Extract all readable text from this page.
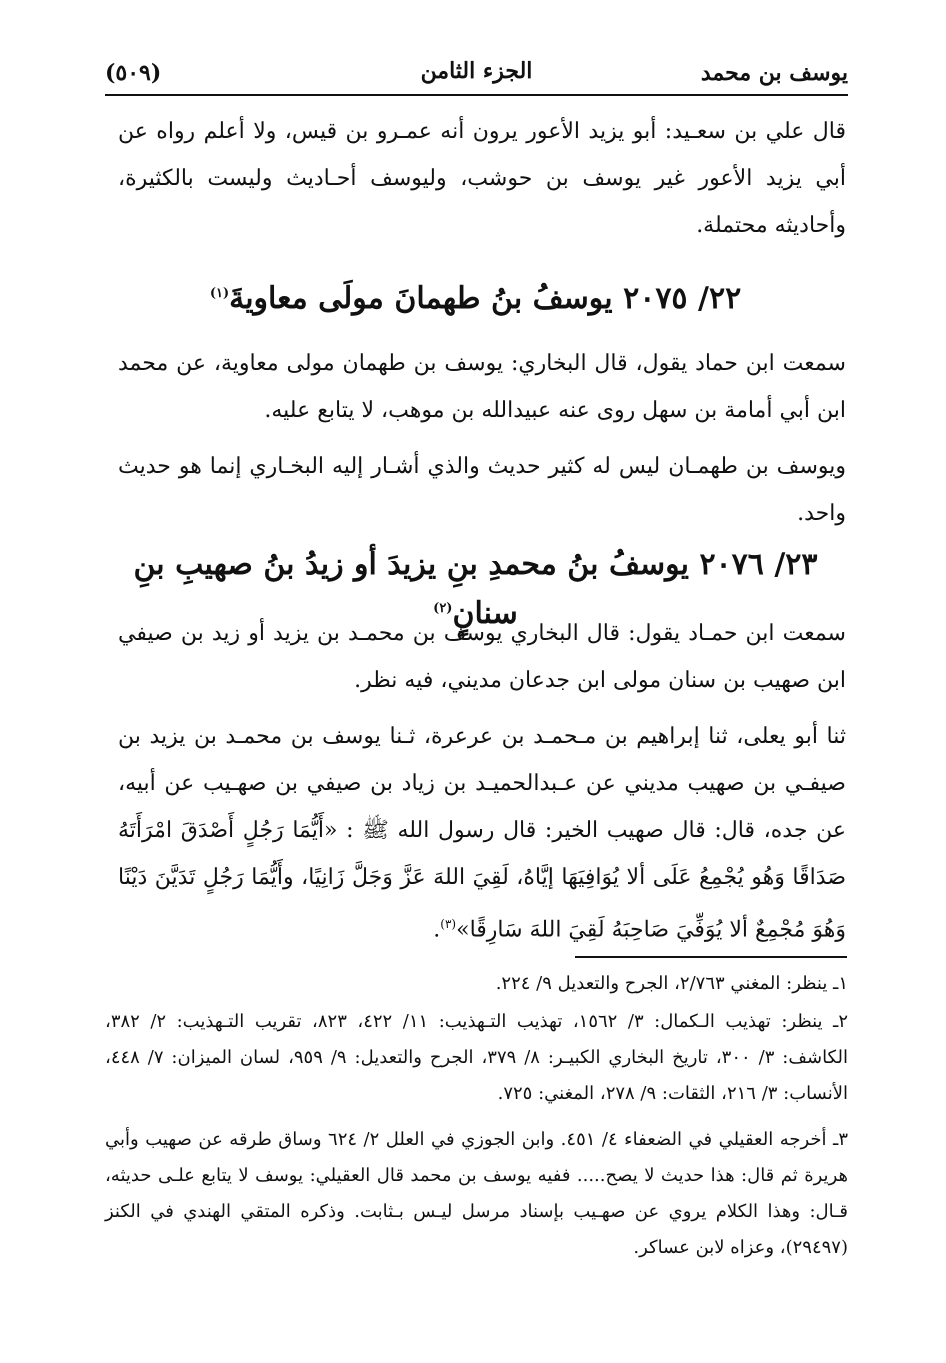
يوسف بن محمد
الجزء الثامن
(٥٠٩)

قال علي بن سعـيد: أبو يزيد الأعور يرون أنه عمـرو بن قيس، ولا أعلم رواه عن أبي يزيد الأعور غير يوسف بن حوشب، وليوسف أحـاديث وليست بالكثيرة، وأحاديثه محتملة.

٢٢/ ٢٠٧٥ يوسفُ بنُ طهمانَ مولَى معاويةَ$^{(١)}$

سمعت ابن حماد يقول، قال البخاري: يوسف بن طهمان مولى معاوية، عن محمد ابن أبي أمامة بن سهل روى عنه عبيدالله بن موهب، لا يتابع عليه.

ويوسف بن طهمـان ليس له كثير حديث والذي أشـار إليه البخـاري إنما هو حديث واحد.

٢٣/ ٢٠٧٦ يوسفُ بنُ محمدِ بنِ يزيدَ أو زيدُ بنُ صهيبِ بنِ سنانٍ$^{(٢)}$

سمعت ابن حمـاد يقول: قال البخاري يوسف بن محمـد بن يزيد أو زيد بن صيفي ابن صهيب بن سنان مولى ابن جدعان مديني، فيه نظر.

ثنا أبو يعلى، ثنا إبراهيم بن مـحمـد بن عرعرة، ثـنا يوسف بن محمـد بن يزيد بن صيفـي بن صهيب مديني عن عـبدالحميـد بن زياد بن صيفي بن صهـيب عن أبيه، عن جده، قال: قال صهيب الخير: قال رسول الله ﷺ : «أَيُّمَا رَجُلٍ أَصْدَقَ امْرَأَتَهُ صَدَاقًا وَهُو يُجْمِعُ عَلَى ألا يُوَافِيَهَا إيَّاهُ، لَقِيَ اللهَ عَزَّ وَجَلَّ زَانِيًا، وأَيُّمَا رَجُلٍ تَدَيَّنَ دَيْنًا وَهُوَ مُجْمِعٌ ألا يُوَفِّيَ صَاحِبَهُ لَقِيَ اللهَ سَارِقًا»$^{(٣)}$.

١ـ ينظر: المغني ٢/٧٦٣، الجرح والتعديل ٩/ ٢٢٤.

٢ـ ينظر: تهذيب الـكمال: ٣/ ١٥٦٢، تهذيب التـهذيب: ١١/ ٤٢٢، ٨٢٣، تقريب التـهذيب: ٢/ ٣٨٢، الكاشف: ٣/ ٣٠٠، تاريخ البخاري الكبيـر: ٨/ ٣٧٩، الجرح والتعديل: ٩/ ٩٥٩، لسان الميزان: ٧/ ٤٤٨، الأنساب: ٣/ ٢١٦، الثقات: ٩/ ٢٧٨، المغني: ٧٢٥.

٣ـ أخرجه العقيلي في الضعفاء ٤/ ٤٥١. وابن الجوزي في العلل ٢/ ٦٢٤ وساق طرقه عن صهيب وأبي هريرة ثم قال: هذا حديث لا يصح..... ففيه يوسف بن محمد قال العقيلي: يوسف لا يتابع علـى حديثه، قـال: وهذا الكلام يروي عن صهـيب بإسناد مرسل ليـس بـثابت. وذكره المتقي الهندي في الكنز (٢٩٤٩٧)، وعزاه لابن عساكر.
